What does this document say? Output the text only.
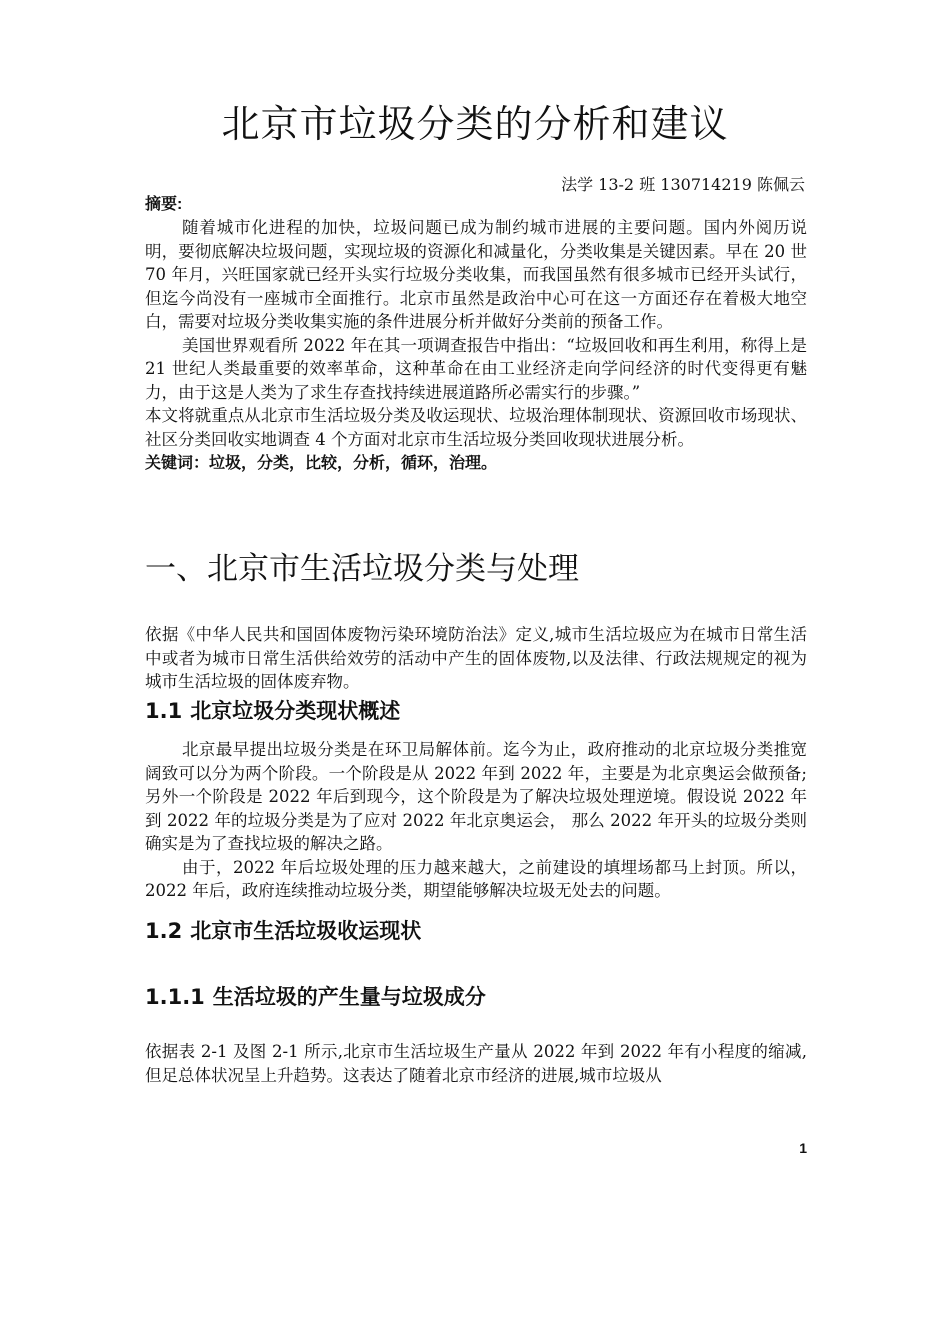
北京市垃圾分类的分析和建议

法学 13-2 班 130714219 陈佩云

摘要:

随着城市化进程的加快，垃圾问题已成为制约城市进展的主要问题。国内外阅历说明，要彻底解决垃圾问题，实现垃圾的资源化和减量化，分类收集是关键因素。早在 20 世 70 年月，兴旺国家就已经开头实行垃圾分类收集，而我国虽然有很多城市已经开头试行，但迄今尚没有一座城市全面推行。北京市虽然是政治中心可在这一方面还存在着极大地空白，需要对垃圾分类收集实施的条件进展分析并做好分类前的预备工作。

美国世界观看所 2022 年在其一项调查报告中指出：“垃圾回收和再生利用，称得上是 21 世纪人类最重要的效率革命，这种革命在由工业经济走向学问经济的时代变得更有魅力，由于这是人类为了求生存查找持续进展道路所必需实行的步骤。”

本文将就重点从北京市生活垃圾分类及收运现状、垃圾治理体制现状、资源回收市场现状、社区分类回收实地调查 4 个方面对北京市生活垃圾分类回收现状进展分析。

关键词：垃圾，分类，比较，分析，循环，治理。
一、北京市生活垃圾分类与处理

依据《中华人民共和国固体废物污染环境防治法》定义,城市生活垃圾应为在城市日常生活中或者为城市日常生活供给效劳的活动中产生的固体废物,以及法律、行政法规规定的视为城市生活垃圾的固体废弃物。

1.1 北京垃圾分类现状概述

北京最早提出垃圾分类是在环卫局解体前。迄今为止，政府推动的北京垃圾分类推宽阔致可以分为两个阶段。一个阶段是从 2022 年到 2022 年，主要是为北京奥运会做预备;另外一个阶段是 2022 年后到现今，这个阶段是为了解决垃圾处理逆境。假设说 2022 年到 2022 年的垃圾分类是为了应对 2022 年北京奥运会， 那么 2022 年开头的垃圾分类则确实是为了查找垃圾的解决之路。

由于，2022 年后垃圾处理的压力越来越大，之前建设的填埋场都马上封顶。所以，2022 年后，政府连续推动垃圾分类，期望能够解决垃圾无处去的问题。

1.2 北京市生活垃圾收运现状
1.1.1 生活垃圾的产生量与垃圾成分

依据表 2-1 及图 2-1 所示,北京市生活垃圾生产量从 2022 年到 2022 年有小程度的缩减,但足总体状况呈上升趋势。这表达了随着北京市经济的进展,城市垃圾从

1
